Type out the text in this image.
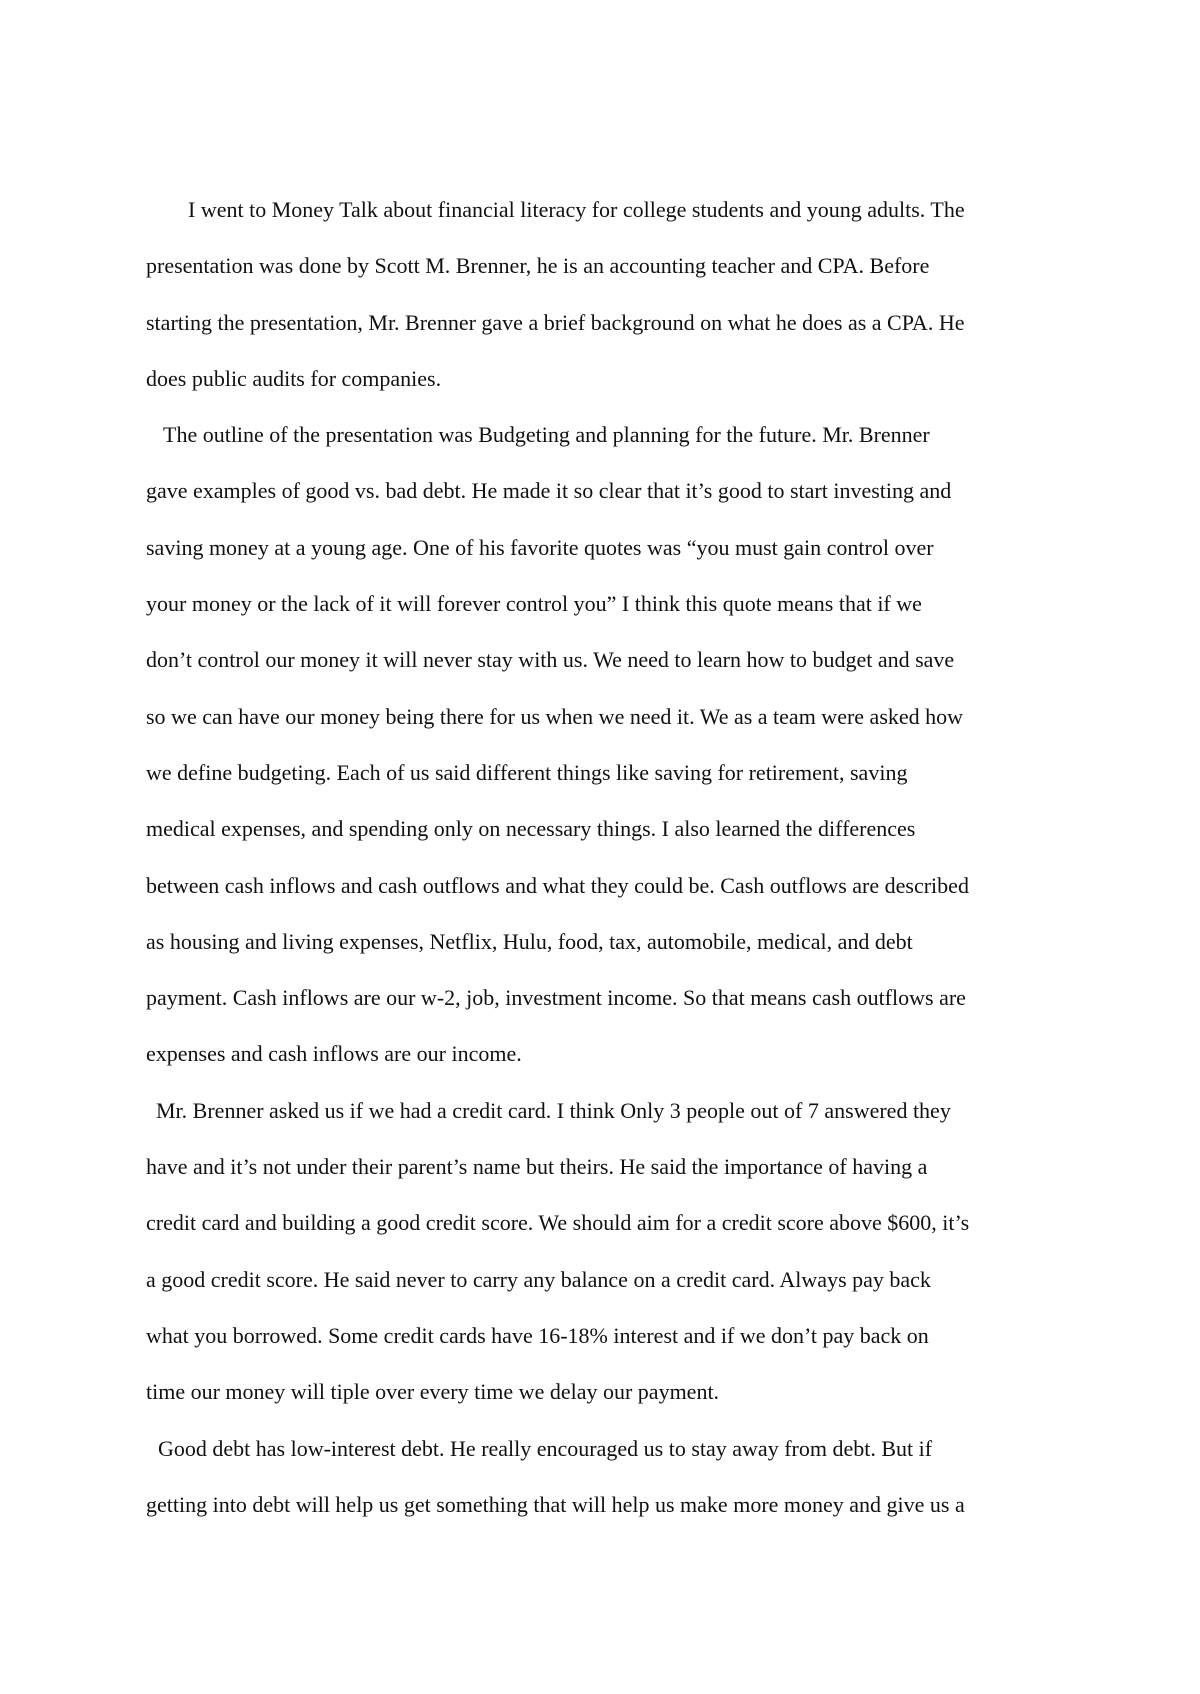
I went to Money Talk about financial literacy for college students and young adults. The
presentation was done by Scott M. Brenner, he is an accounting teacher and CPA. Before
starting the presentation, Mr. Brenner gave a brief background on what he does as a CPA. He
does public audits for companies.
The outline of the presentation was Budgeting and planning for the future. Mr. Brenner
gave examples of good vs. bad debt. He made it so clear that it’s good to start investing and
saving money at a young age. One of his favorite quotes was “you must gain control over
your money or the lack of it will forever control you” I think this quote means that if we
don’t control our money it will never stay with us. We need to learn how to budget and save
so we can have our money being there for us when we need it. We as a team were asked how
we define budgeting. Each of us said different things like saving for retirement, saving
medical expenses, and spending only on necessary things. I also learned the differences
between cash inflows and cash outflows and what they could be. Cash outflows are described
as housing and living expenses, Netflix, Hulu, food, tax, automobile, medical, and debt
payment. Cash inflows are our w-2, job, investment income. So that means cash outflows are
expenses and cash inflows are our income.
Mr. Brenner asked us if we had a credit card. I think Only 3 people out of 7 answered they
have and it’s not under their parent’s name but theirs. He said the importance of having a
credit card and building a good credit score. We should aim for a credit score above $600, it’s
a good credit score. He said never to carry any balance on a credit card. Always pay back
what you borrowed. Some credit cards have 16-18% interest and if we don’t pay back on
time our money will tiple over every time we delay our payment.
Good debt has low-interest debt. He really encouraged us to stay away from debt. But if
getting into debt will help us get something that will help us make more money and give us a
